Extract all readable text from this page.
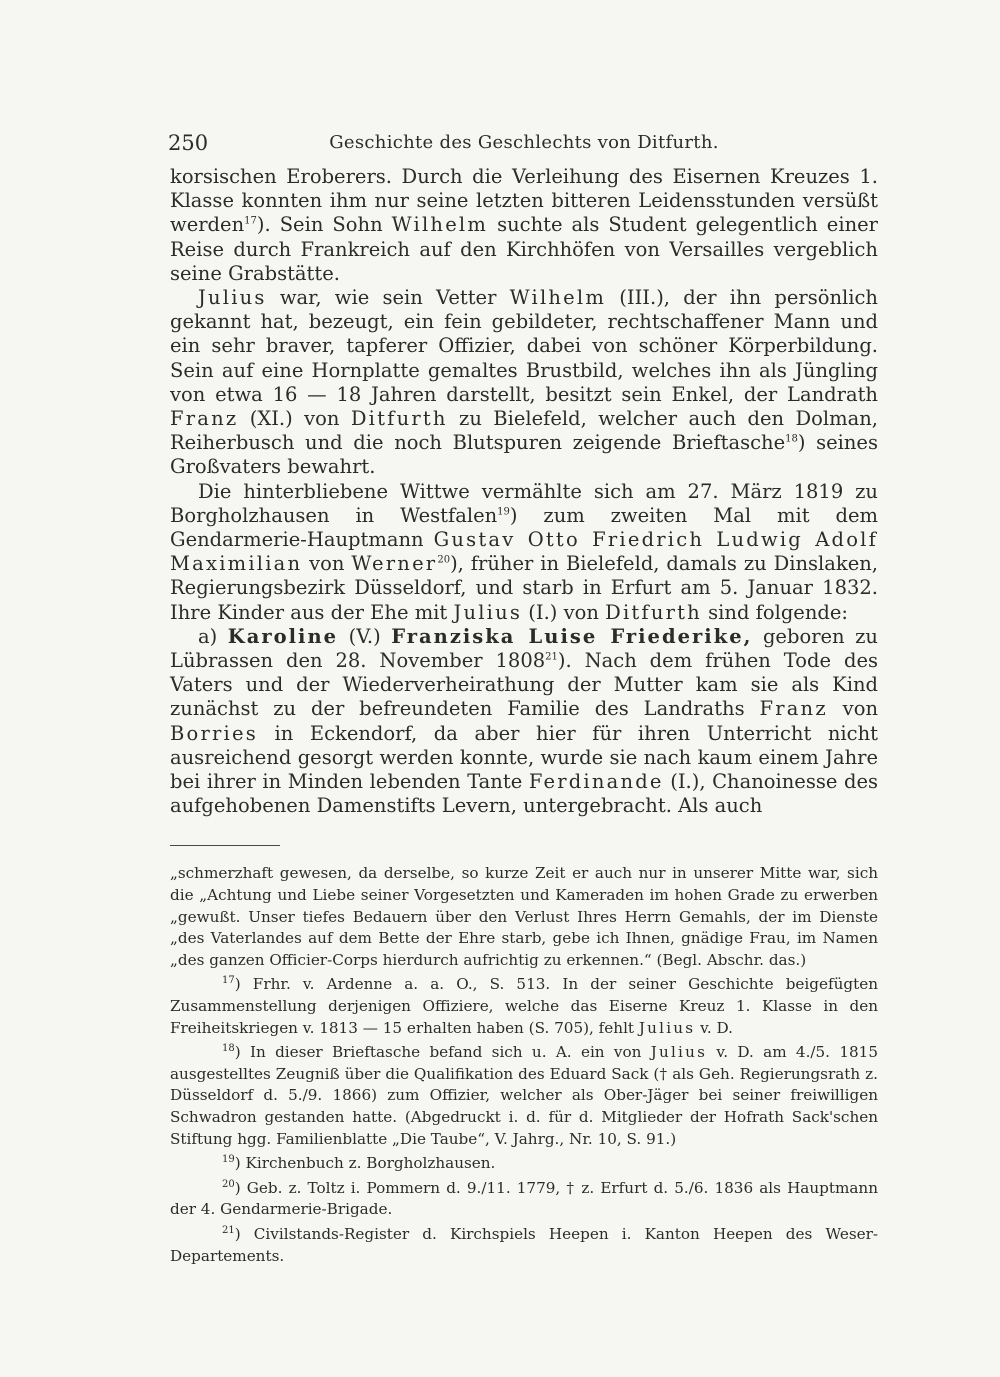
250	Geschichte des Geschlechts von Ditfurth.

korsischen Eroberers. Durch die Verleihung des Eisernen Kreuzes 1. Klasse konnten ihm nur seine letzten bitteren Leidensstunden versüßt werden$^{17}$). Sein Sohn Wilhelm suchte als Student gelegentlich einer Reise durch Frankreich auf den Kirchhöfen von Versailles vergeblich seine Grabstätte.

Julius war, wie sein Vetter Wilhelm (III.), der ihn persönlich gekannt hat, bezeugt, ein fein gebildeter, rechtschaffener Mann und ein sehr braver, tapferer Offizier, dabei von schöner Körperbildung. Sein auf eine Hornplatte gemaltes Brustbild, welches ihn als Jüngling von etwa 16 — 18 Jahren darstellt, besitzt sein Enkel, der Landrath Franz (XI.) von Ditfurth zu Bielefeld, welcher auch den Dolman, Reiherbusch und die noch Blutspuren zeigende Brieftasche$^{18}$) seines Großvaters bewahrt.

Die hinterbliebene Wittwe vermählte sich am 27. März 1819 zu Borgholzhausen in Westfalen$^{19}$) zum zweiten Mal mit dem Gendarmerie-Hauptmann Gustav Otto Friedrich Ludwig Adolf Maximilian von Werner$^{20}$), früher in Bielefeld, damals zu Dinslaken, Regierungsbezirk Düsseldorf, und starb in Erfurt am 5. Januar 1832. Ihre Kinder aus der Ehe mit Julius (I.) von Ditfurth sind folgende:

a) Karoline (V.) Franziska Luise Friederike, geboren zu Lübrassen den 28. November 1808$^{21}$). Nach dem frühen Tode des Vaters und der Wiederverheirathung der Mutter kam sie als Kind zunächst zu der befreundeten Familie des Landraths Franz von Borries in Eckendorf, da aber hier für ihren Unterricht nicht ausreichend gesorgt werden konnte, wurde sie nach kaum einem Jahre bei ihrer in Minden lebenden Tante Ferdinande (I.), Chanoinesse des aufgehobenen Damenstifts Levern, untergebracht. Als auch

„schmerzhaft gewesen, da derselbe, so kurze Zeit er auch nur in unserer Mitte war, sich die „Achtung und Liebe seiner Vorgesetzten und Kameraden im hohen Grade zu erwerben „gewußt. Unser tiefes Bedauern über den Verlust Ihres Herrn Gemahls, der im Dienste „des Vaterlandes auf dem Bette der Ehre starb, gebe ich Ihnen, gnädige Frau, im Namen „des ganzen Officier-Corps hierdurch aufrichtig zu erkennen.“ (Begl. Abschr. das.)

$^{17}$) Frhr. v. Ardenne a. a. O., S. 513. In der seiner Geschichte beigefügten Zusammenstellung derjenigen Offiziere, welche das Eiserne Kreuz 1. Klasse in den Freiheitskriegen v. 1813 — 15 erhalten haben (S. 705), fehlt Julius v. D.

$^{18}$) In dieser Brieftasche befand sich u. A. ein von Julius v. D. am 4./5. 1815 ausgestelltes Zeugniß über die Qualifikation des Eduard Sack († als Geh. Regierungsrath z. Düsseldorf d. 5./9. 1866) zum Offizier, welcher als Ober-Jäger bei seiner freiwilligen Schwadron gestanden hatte. (Abgedruckt i. d. für d. Mitglieder der Hofrath Sack'schen Stiftung hgg. Familienblatte „Die Taube“, V. Jahrg., Nr. 10, S. 91.)

$^{19}$) Kirchenbuch z. Borgholzhausen.

$^{20}$) Geb. z. Toltz i. Pommern d. 9./11. 1779, † z. Erfurt d. 5./6. 1836 als Hauptmann der 4. Gendarmerie-Brigade.

$^{21}$) Civilstands-Register d. Kirchspiels Heepen i. Kanton Heepen des Weser-Departements.
